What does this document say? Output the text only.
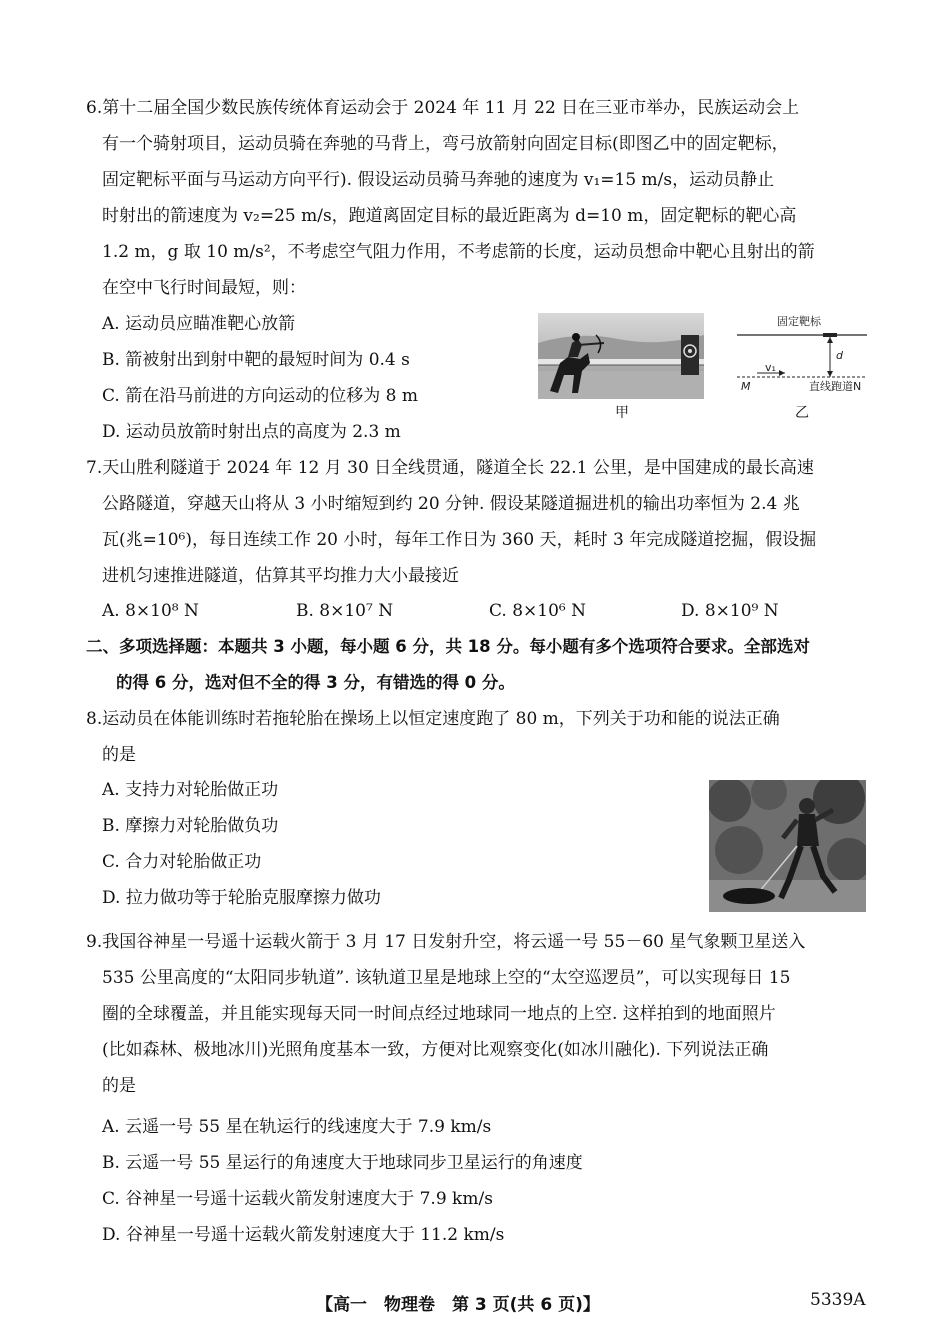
6.第十二届全国少数民族传统体育运动会于 2024 年 11 月 22 日在三亚市举办，民族运动会上
有一个骑射项目，运动员骑在奔驰的马背上，弯弓放箭射向固定目标(即图乙中的固定靶标，
固定靶标平面与马运动方向平行). 假设运动员骑马奔驰的速度为 v₁=15 m/s，运动员静止
时射出的箭速度为 v₂=25 m/s，跑道离固定目标的最近距离为 d=10 m，固定靶标的靶心高
1.2 m，g 取 10 m/s²，不考虑空气阻力作用，不考虑箭的长度，运动员想命中靶心且射出的箭
在空中飞行时间最短，则：
A. 运动员应瞄准靶心放箭
B. 箭被射出到射中靶的最短时间为 0.4 s
C. 箭在沿马前进的方向运动的位移为 8 m
D. 运动员放箭时射出点的高度为 2.3 m
甲
固定靶标
d
v₁
M	直线跑道N
乙
7.天山胜利隧道于 2024 年 12 月 30 日全线贯通，隧道全长 22.1 公里，是中国建成的最长高速
公路隧道，穿越天山将从 3 小时缩短到约 20 分钟. 假设某隧道掘进机的输出功率恒为 2.4 兆
瓦(兆=10⁶)，每日连续工作 20 小时，每年工作日为 360 天，耗时 3 年完成隧道挖掘，假设掘
进机匀速推进隧道，估算其平均推力大小最接近
A. 8×10⁸ N	B. 8×10⁷ N	C. 8×10⁶ N	D. 8×10⁹ N
二、多项选择题：本题共 3 小题，每小题 6 分，共 18 分。每小题有多个选项符合要求。全部选对
的得 6 分，选对但不全的得 3 分，有错选的得 0 分。
8.运动员在体能训练时若拖轮胎在操场上以恒定速度跑了 80 m，下列关于功和能的说法正确
的是
A. 支持力对轮胎做正功
B. 摩擦力对轮胎做负功
C. 合力对轮胎做正功
D. 拉力做功等于轮胎克服摩擦力做功
9.我国谷神星一号遥十运载火箭于 3 月 17 日发射升空，将云遥一号 55－60 星气象颗卫星送入
535 公里高度的“太阳同步轨道”. 该轨道卫星是地球上空的“太空巡逻员”，可以实现每日 15
圈的全球覆盖，并且能实现每天同一时间点经过地球同一地点的上空. 这样拍到的地面照片
(比如森林、极地冰川)光照角度基本一致，方便对比观察变化(如冰川融化). 下列说法正确
的是
A. 云遥一号 55 星在轨运行的线速度大于 7.9 km/s
B. 云遥一号 55 星运行的角速度大于地球同步卫星运行的角速度
C. 谷神星一号遥十运载火箭发射速度大于 7.9 km/s
D. 谷神星一号遥十运载火箭发射速度大于 11.2 km/s
【高一　物理卷　第 3 页(共 6 页)】	5339A
